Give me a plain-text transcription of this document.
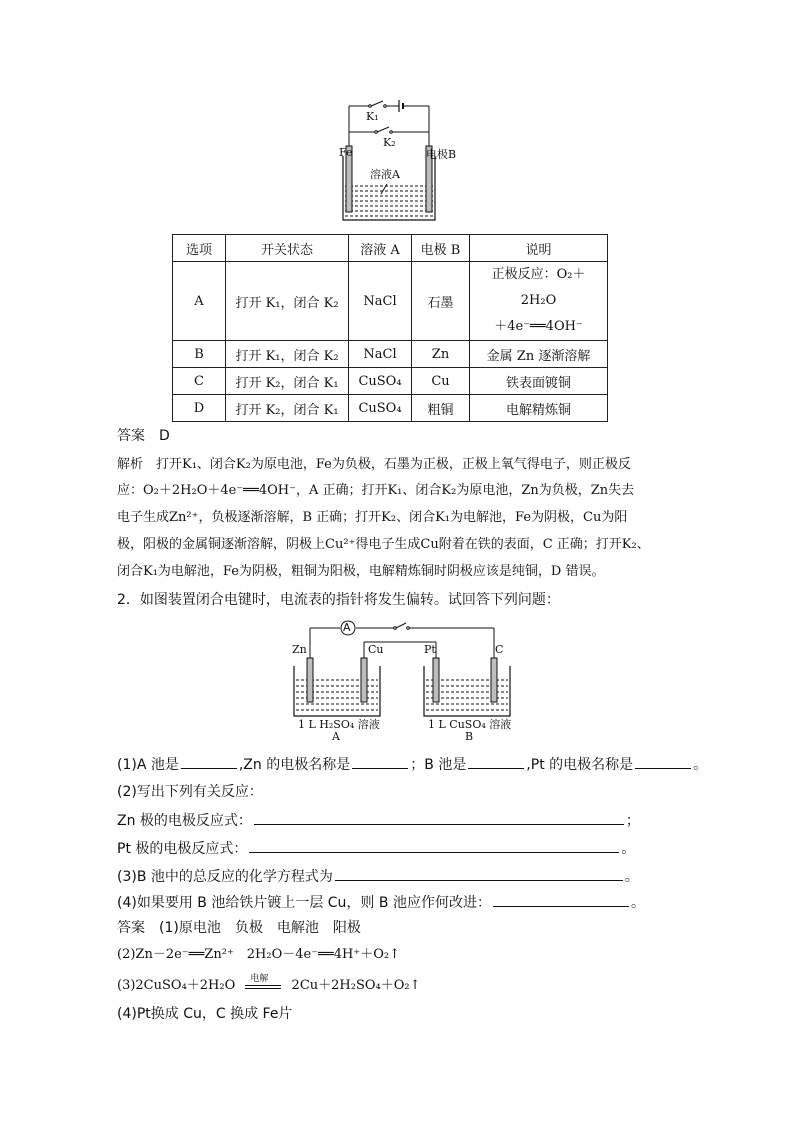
K₁
K₂
Fe	电极B
溶液A
选项	开关状态	溶液 A	电极 B	说明
A	打开 K₁，闭合 K₂	NaCl	石墨	正极反应：O₂＋2H₂O
＋4e⁻══4OH⁻

B	打开 K₁，闭合 K₂	NaCl	Zn	金属 Zn 逐渐溶解
C	打开 K₂，闭合 K₁	CuSO₄	Cu	铁表面镀铜
D	打开 K₂，闭合 K₁	CuSO₄	粗铜	电解精炼铜
答案　D
解析　打开K₁、闭合K₂为原电池，Fe为负极，石墨为正极，正极上氧气得电子，则正极反
应：O₂＋2H₂O＋4e⁻══4OH⁻，A 正确；打开K₁、闭合K₂为原电池，Zn为负极，Zn失去
电子生成Zn²⁺，负极逐渐溶解，B 正确；打开K₂、闭合K₁为电解池，Fe为阴极，Cu为阳
极，阳极的金属铜逐渐溶解，阴极上Cu²⁺得电子生成Cu附着在铁的表面，C 正确；打开K₂、
闭合K₁为电解池，Fe为阴极，粗铜为阳极，电解精炼铜时阴极应该是纯铜，D 错误。
2．如图装置闭合电键时，电流表的指针将发生偏转。试回答下列问题：
A
Zn	Cu	Pt	C
1 L H₂SO₄ 溶液
A
1 L CuSO₄ 溶液
B
(1)A 池是	,Zn 的电极名称是	；B 池是	,Pt 的电极名称是	。
(2)写出下列有关反应：
Zn 极的电极反应式：	；
Pt 极的电极反应式：	。
(3)B 池中的总反应的化学方程式为	。
(4)如果要用 B 池给铁片镀上一层 Cu，则 B 池应作何改进：	。
答案　(1)原电池　负极　电解池　阳极
(2)Zn－2e⁻══Zn²⁺　2H₂O－4e⁻══4H⁺＋O₂↑
(3)2CuSO₄＋2H₂O 电解 2Cu＋2H₂SO₄＋O₂↑
(4)Pt换成 Cu，C 换成 Fe片
